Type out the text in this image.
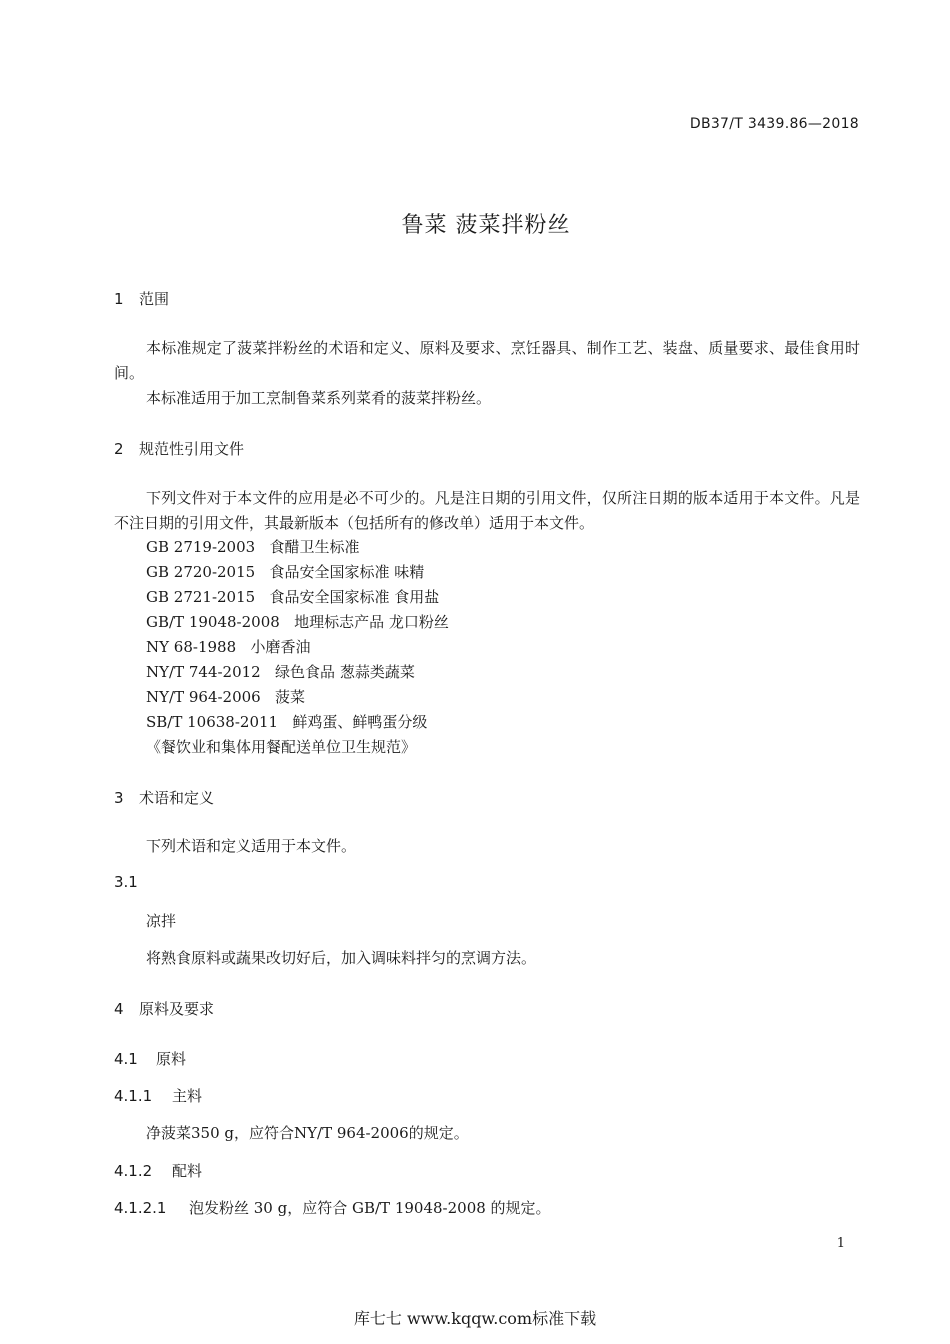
DB37/T 3439.86—2018
鲁菜 菠菜拌粉丝
1 范围
本标准规定了菠菜拌粉丝的术语和定义、原料及要求、烹饪器具、制作工艺、装盘、质量要求、最佳食用时间。
本标准适用于加工烹制鲁菜系列菜肴的菠菜拌粉丝。
2 规范性引用文件
下列文件对于本文件的应用是必不可少的。凡是注日期的引用文件，仅所注日期的版本适用于本文件。凡是不注日期的引用文件，其最新版本（包括所有的修改单）适用于本文件。
GB 2719-2003 食醋卫生标准
GB 2720-2015 食品安全国家标准 味精
GB 2721-2015 食品安全国家标准 食用盐
GB/T 19048-2008 地理标志产品 龙口粉丝
NY 68-1988 小磨香油
NY/T 744-2012 绿色食品 葱蒜类蔬菜
NY/T 964-2006 菠菜
SB/T 10638-2011 鲜鸡蛋、鲜鸭蛋分级
《餐饮业和集体用餐配送单位卫生规范》
3 术语和定义
下列术语和定义适用于本文件。
3.1
凉拌
将熟食原料或蔬果改切好后，加入调味料拌匀的烹调方法。
4 原料及要求
4.1 原料
4.1.1 主料
净菠菜350 g，应符合NY/T 964-2006的规定。
4.1.2 配料
4.1.2.1 泡发粉丝 30 g，应符合 GB/T 19048-2008 的规定。
1
库七七 www.kqqw.com标准下载
